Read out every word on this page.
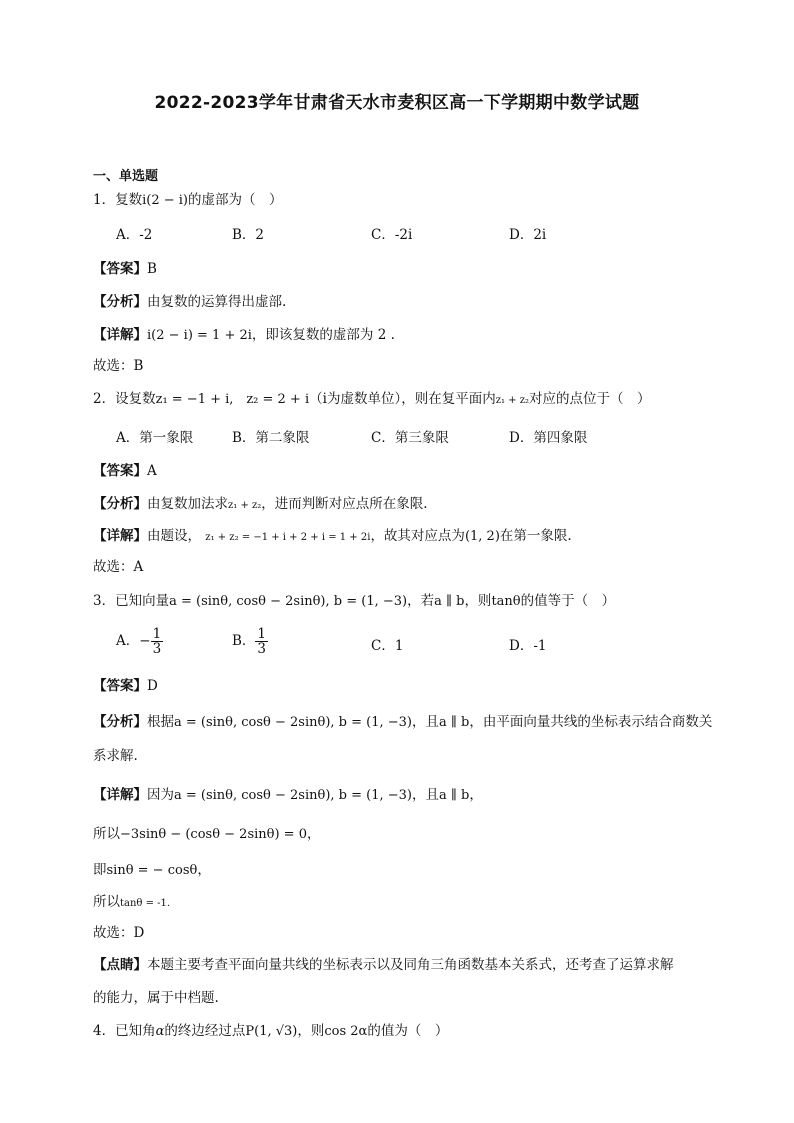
2022-2023学年甘肃省天水市麦积区高一下学期期中数学试题
一、单选题
1．复数i(2 − i)的虚部为（　）
A．-2	B．2	C．-2i	D．2i
【答案】B
【分析】由复数的运算得出虚部.
【详解】i(2 − i) = 1 + 2i，即该复数的虚部为 2 .
故选：B
2．设复数z₁ = −1 + i, z₂ = 2 + i（i为虚数单位），则在复平面内z₁ + z₂对应的点位于（　）
A．第一象限	B．第二象限	C．第三象限	D．第四象限
【答案】A
【分析】由复数加法求z₁ + z₂，进而判断对应点所在象限.
【详解】由题设， z₁ + z₂ = −1 + i + 2 + i = 1 + 2i，故其对应点为(1, 2)在第一象限.
故选：A
3．已知向量a = (sinθ, cosθ − 2sinθ), b = (1, −3)，若a ∥ b，则tanθ的值等于（　）
A．− $\frac{1}{3}$	B． $\frac{1}{3}$	C．1	D．-1
【答案】D
【分析】根据a = (sinθ, cosθ − 2sinθ), b = (1, −3)，且a ∥ b，由平面向量共线的坐标表示结合商数关
系求解.
【详解】因为a = (sinθ, cosθ − 2sinθ), b = (1, −3)，且a ∥ b，
所以−3sinθ − (cosθ − 2sinθ) = 0，
即sinθ = − cosθ，
所以tanθ = -1.
故选：D
【点睛】本题主要考查平面向量共线的坐标表示以及同角三角函数基本关系式，还考查了运算求解
的能力，属于中档题.
4．已知角α的终边经过点P(1, √3)，则cos 2α的值为（　）
